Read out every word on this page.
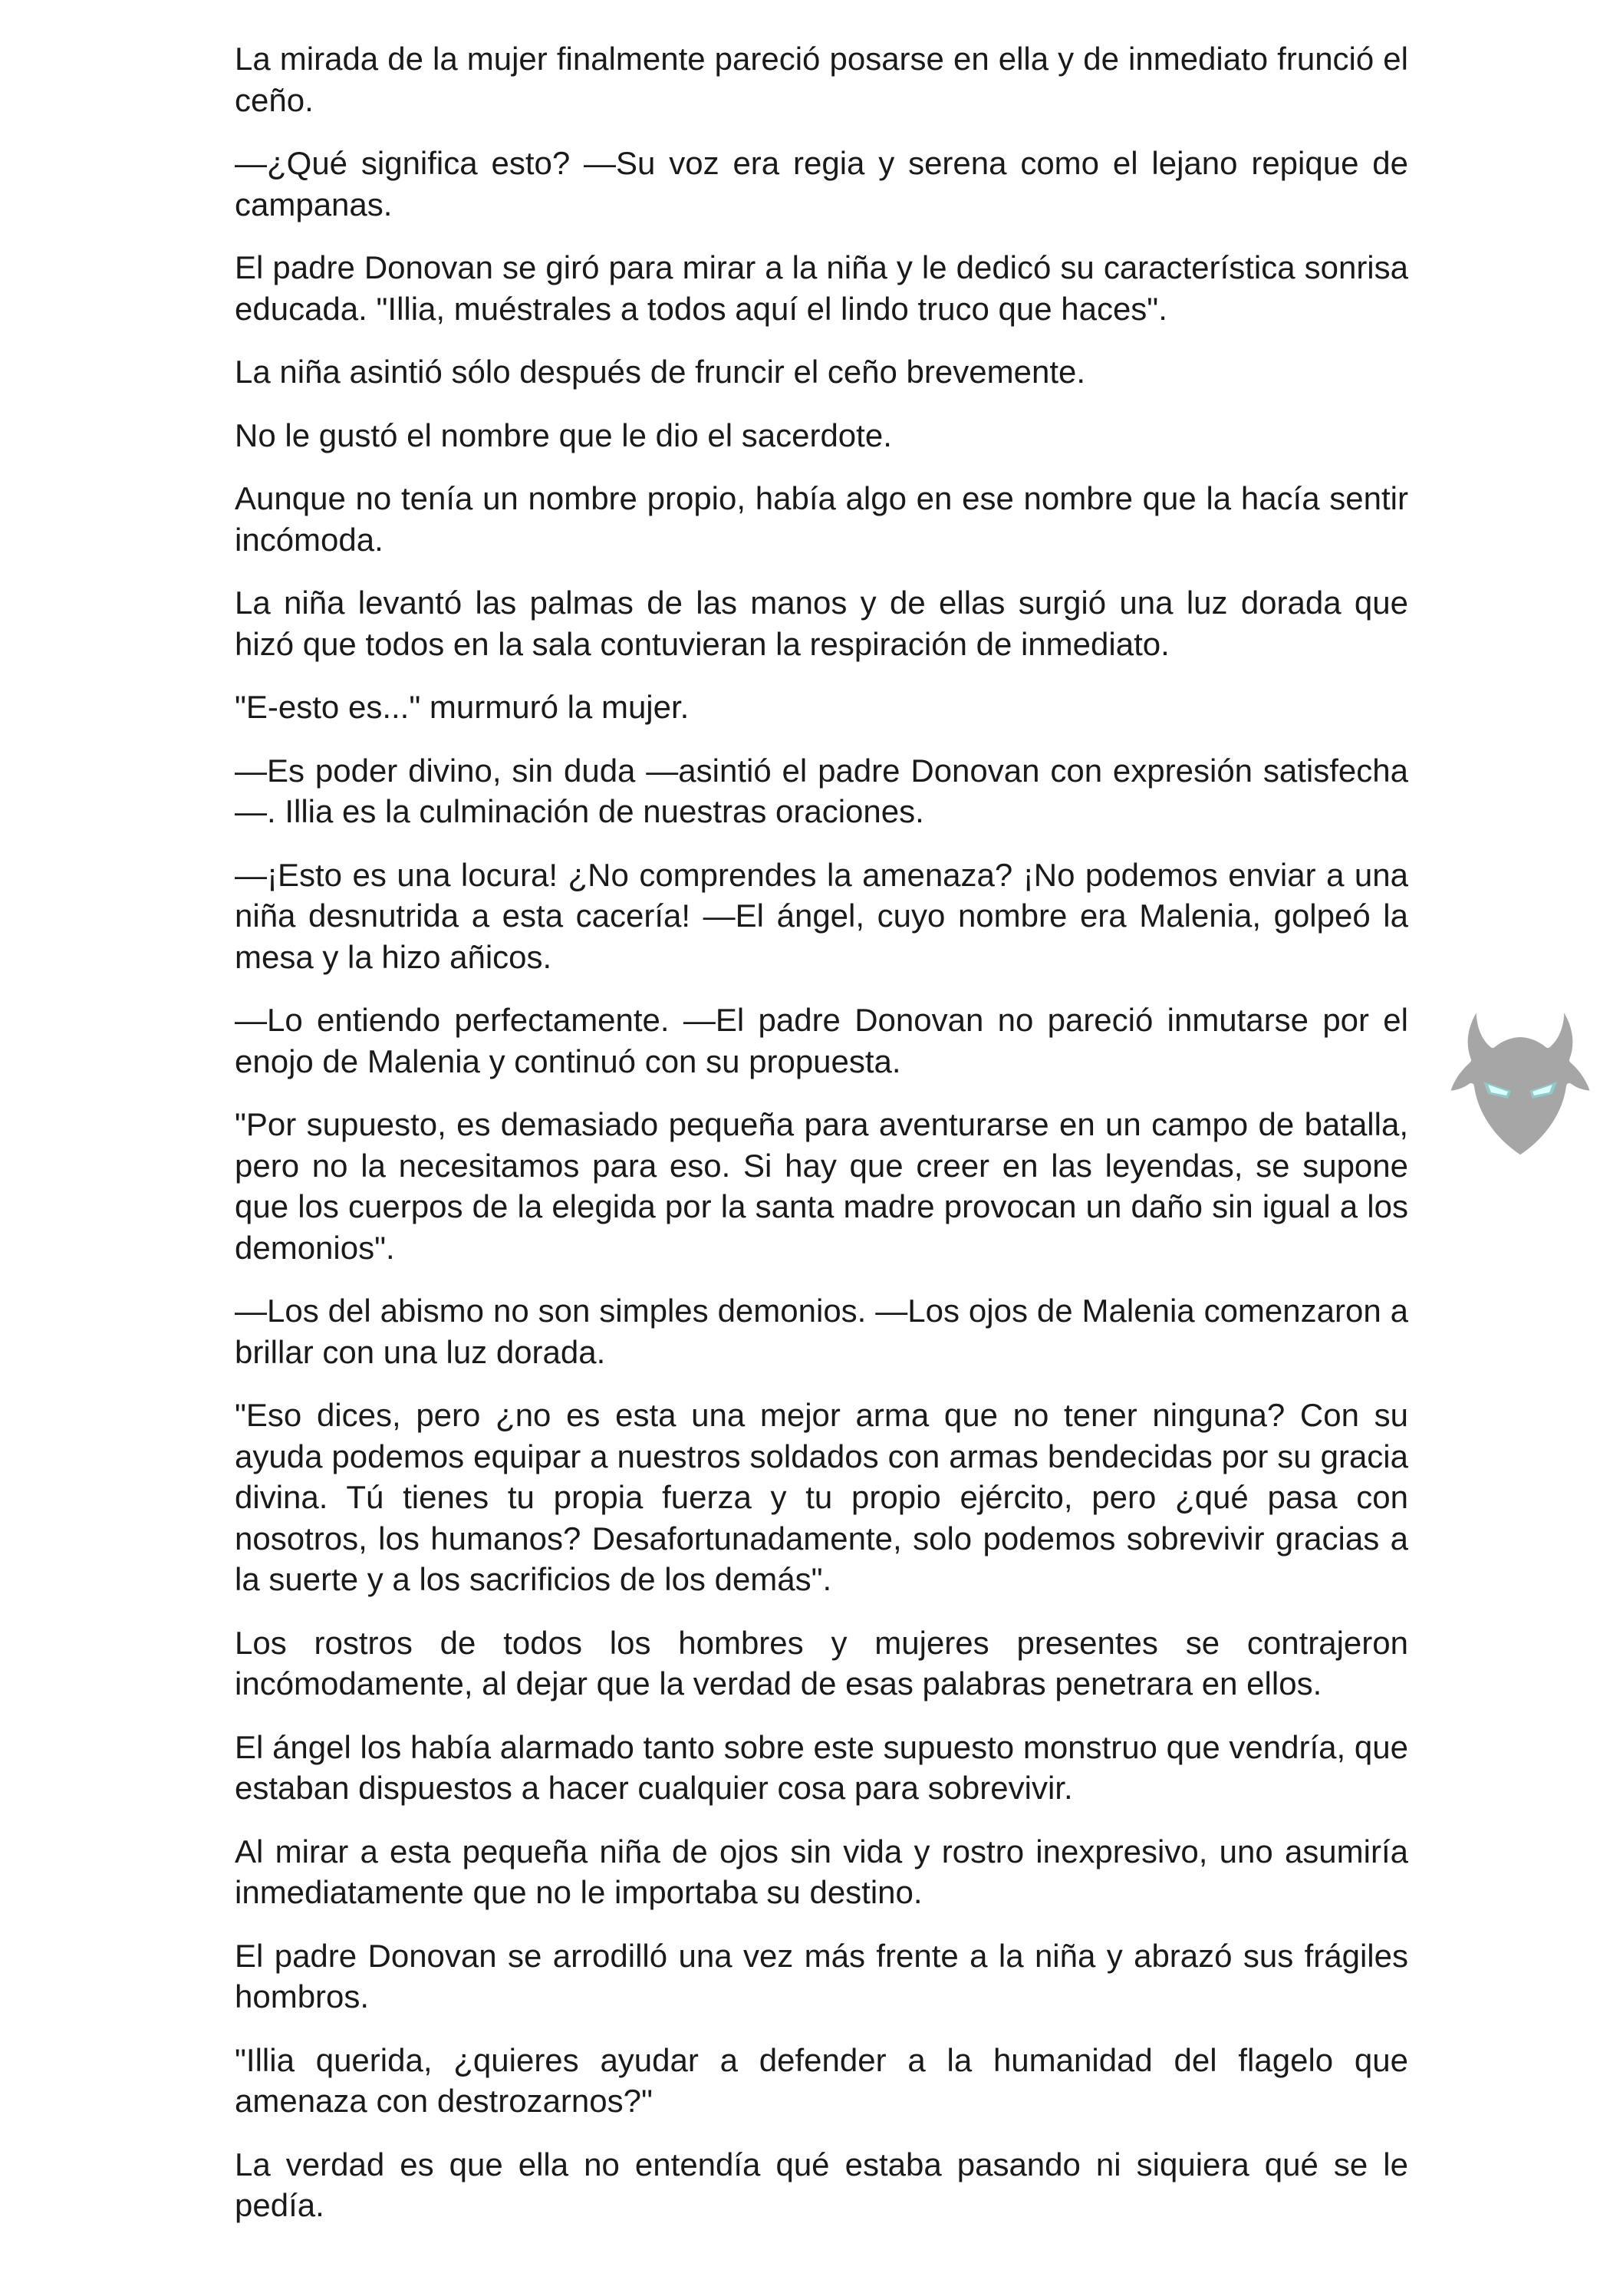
La mirada de la mujer finalmente pareció posarse en ella y de inmediato frunció el ceño.

—¿Qué significa esto? —Su voz era regia y serena como el lejano repique de campanas.

El padre Donovan se giró para mirar a la niña y le dedicó su característica sonrisa educada. "Illia, muéstrales a todos aquí el lindo truco que haces".

La niña asintió sólo después de fruncir el ceño brevemente.

No le gustó el nombre que le dio el sacerdote.

Aunque no tenía un nombre propio, había algo en ese nombre que la hacía sentir incómoda.

La niña levantó las palmas de las manos y de ellas surgió una luz dorada que hizó que todos en la sala contuvieran la respiración de inmediato.

"E-esto es..." murmuró la mujer.

—Es poder divino, sin duda —asintió el padre Donovan con expresión satisfecha—. Illia es la culminación de nuestras oraciones.

—¡Esto es una locura! ¿No comprendes la amenaza? ¡No podemos enviar a una niña desnutrida a esta cacería! —El ángel, cuyo nombre era Malenia, golpeó la mesa y la hizo añicos.

—Lo entiendo perfectamente. —El padre Donovan no pareció inmutarse por el enojo de Malenia y continuó con su propuesta.

"Por supuesto, es demasiado pequeña para aventurarse en un campo de batalla, pero no la necesitamos para eso. Si hay que creer en las leyendas, se supone que los cuerpos de la elegida por la santa madre provocan un daño sin igual a los demonios".

—Los del abismo no son simples demonios. —Los ojos de Malenia comenzaron a brillar con una luz dorada.

"Eso dices, pero ¿no es esta una mejor arma que no tener ninguna? Con su ayuda podemos equipar a nuestros soldados con armas bendecidas por su gracia divina. Tú tienes tu propia fuerza y tu propio ejército, pero ¿qué pasa con nosotros, los humanos? Desafortunadamente, solo podemos sobrevivir gracias a la suerte y a los sacrificios de los demás".

Los rostros de todos los hombres y mujeres presentes se contrajeron incómodamente, al dejar que la verdad de esas palabras penetrara en ellos.

El ángel los había alarmado tanto sobre este supuesto monstruo que vendría, que estaban dispuestos a hacer cualquier cosa para sobrevivir.

Al mirar a esta pequeña niña de ojos sin vida y rostro inexpresivo, uno asumiría inmediatamente que no le importaba su destino.

El padre Donovan se arrodilló una vez más frente a la niña y abrazó sus frágiles hombros.

"Illia querida, ¿quieres ayudar a defender a la humanidad del flagelo que amenaza con destrozarnos?"

La verdad es que ella no entendía qué estaba pasando ni siquiera qué se le pedía.
